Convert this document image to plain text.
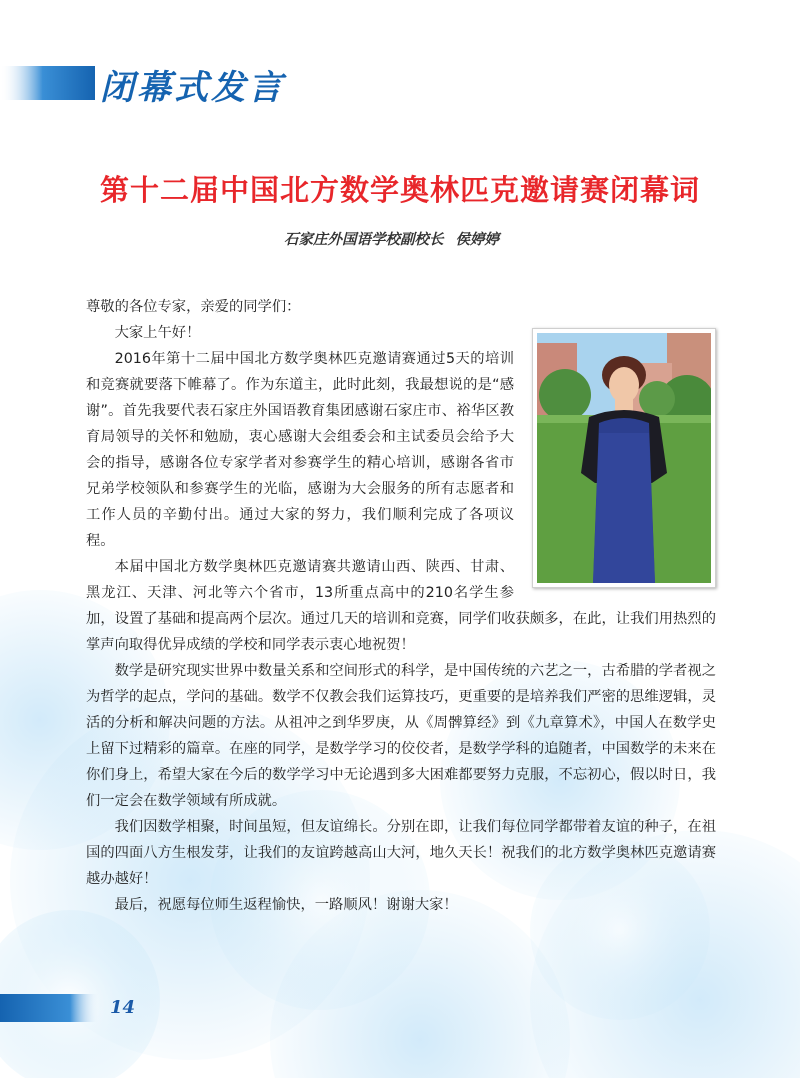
闭幕式发言
第十二届中国北方数学奥林匹克邀请赛闭幕词
石家庄外国语学校副校长 侯婷婷

尊敬的各位专家，亲爱的同学们：

大家上午好！

2016年第十二届中国北方数学奥林匹克邀请赛通过5天的培训和竞赛就要落下帷幕了。作为东道主，此时此刻，我最想说的是“感谢”。首先我要代表石家庄外国语教育集团感谢石家庄市、裕华区教育局领导的关怀和勉励，衷心感谢大会组委会和主试委员会给予大会的指导，感谢各位专家学者对参赛学生的精心培训，感谢各省市兄弟学校领队和参赛学生的光临，感谢为大会服务的所有志愿者和工作人员的辛勤付出。通过大家的努力，我们顺利完成了各项议程。

本届中国北方数学奥林匹克邀请赛共邀请山西、陕西、甘肃、黑龙江、天津、河北等六个省市，13所重点高中的210名学生参加，设置了基础和提高两个层次。通过几天的培训和竞赛，同学们收获颇多，在此，让我们用热烈的掌声向取得优异成绩的学校和同学表示衷心地祝贺！

数学是研究现实世界中数量关系和空间形式的科学，是中国传统的六艺之一，古希腊的学者视之为哲学的起点，学问的基础。数学不仅教会我们运算技巧，更重要的是培养我们严密的思维逻辑，灵活的分析和解决问题的方法。从祖冲之到华罗庚，从《周髀算经》到《九章算术》，中国人在数学史上留下过精彩的篇章。在座的同学，是数学学习的佼佼者，是数学学科的追随者，中国数学的未来在你们身上，希望大家在今后的数学学习中无论遇到多大困难都要努力克服，不忘初心，假以时日，我们一定会在数学领域有所成就。

我们因数学相聚，时间虽短，但友谊绵长。分别在即，让我们每位同学都带着友谊的种子，在祖国的四面八方生根发芽，让我们的友谊跨越高山大河，地久天长！祝我们的北方数学奥林匹克邀请赛越办越好！

最后，祝愿每位师生返程愉快，一路顺风！谢谢大家！

14
